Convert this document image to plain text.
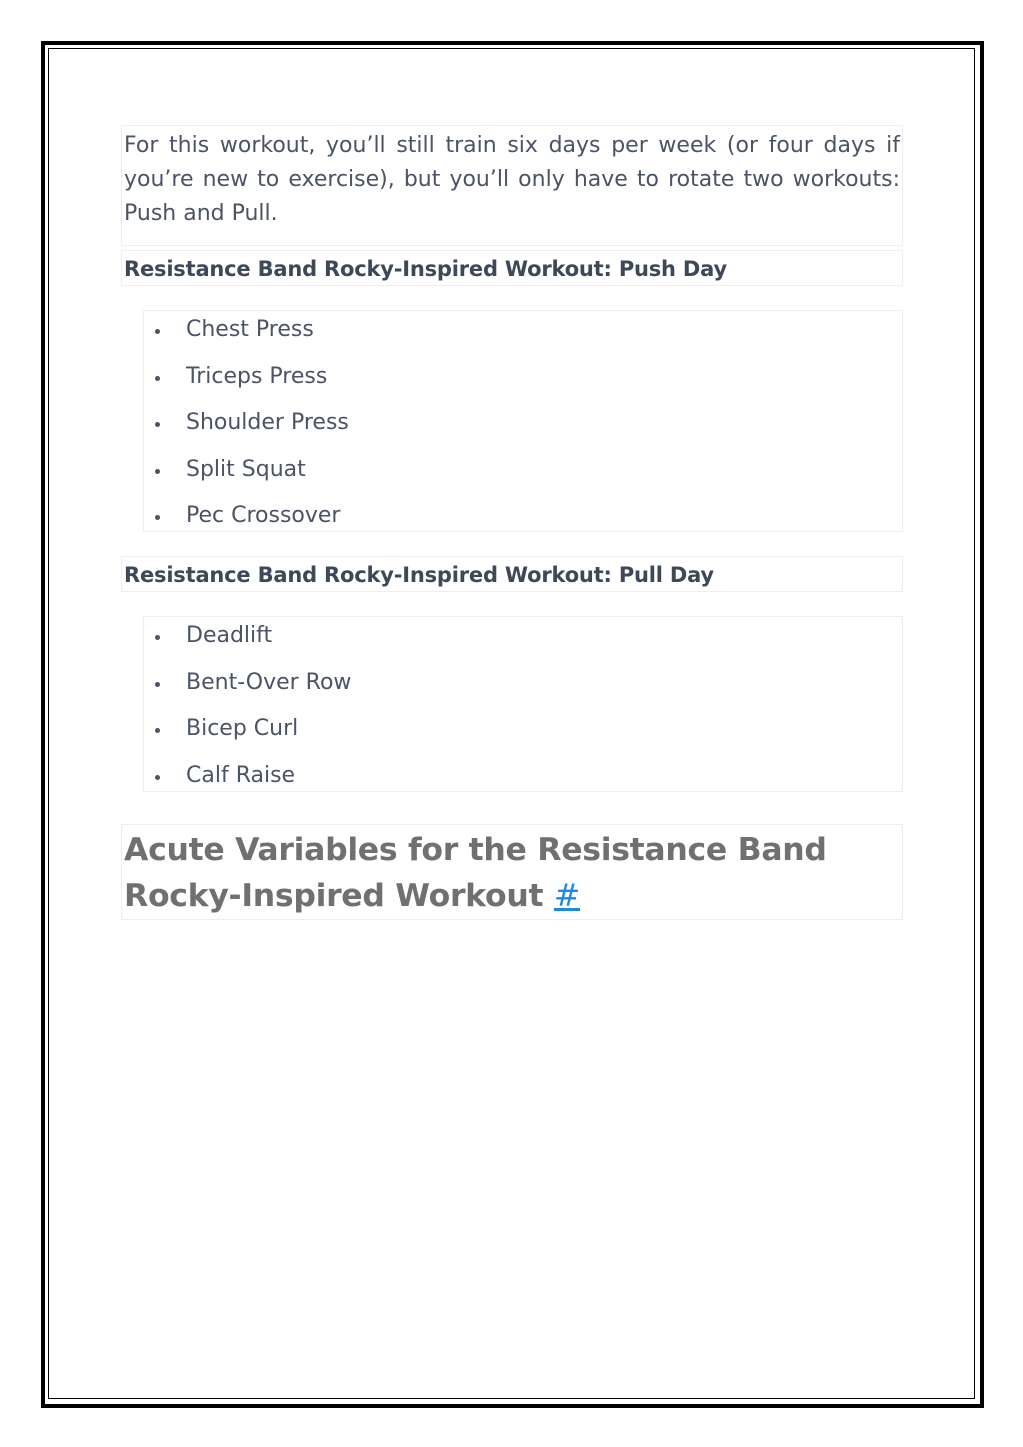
For this workout, you’ll still train six days per week (or four days if you’re new to exercise), but you’ll only have to rotate two workouts: Push and Pull.

Resistance Band Rocky-Inspired Workout: Push Day
Chest Press
Triceps Press
Shoulder Press
Split Squat
Pec Crossover
Resistance Band Rocky-Inspired Workout: Pull Day
Deadlift
Bent-Over Row
Bicep Curl
Calf Raise
Acute Variables for the Resistance Band Rocky-Inspired Workout #
